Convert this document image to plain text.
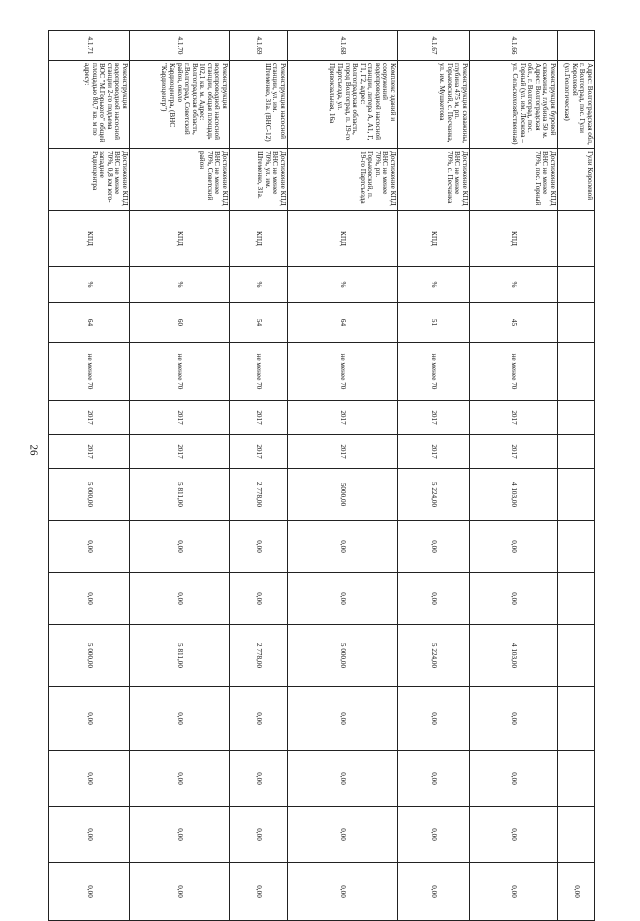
26
	Адрес: Волгоградская обл, г. Волгоград, пос. Гули Королевой (ул.Геологическая)	Гули Королевой														0,00
4.1.66	Реконструкция буровой скважины, глубина 50 м. Адрес: Волгоградская обл., г. Волгоград, пос. Горный (ул. им. Лескова – ул. Сельскохозяйственная)	Достижение КПД ВНС не менее 70%, пос. Горный	КПД	%	45	не менее 70	2017	2017	4 103,00	0,00	0,00	4 103,00	0,00	0,00	0,00	0,00
4.1.67	Реконструкция скважины, глубина 475 м, рп. Горьковский, с. Песчанка, ул. им. Мушкетова	Достижение КПД ВНС не менее 70%, с. Песчанка	КПД	%	51	не менее 70	2017	2017	5 224,00	0,00	0,00	5 224,00	0,00	0,00	0,00	0,00
4.1.68	Комплекс зданий и сооружений водопроводной насосной станции, литера А, А1, Г, Г1, Г2, адрес: Волгоградская область, город Волгоград, п. 19-го Партсъезда, ул. Привокзальная, 16а	Достижение КПД ВНС не менее 70%, рп. Горьковский, п. 19-го Партсъезда	КПД	%	64	не менее 70	2017	2017	5000,00	0,00	0,00	5 000,00	0,00	0,00	0,00	0,00
4.1.69	Реконструкция насосной станции, ул. им. Штеменко, 31а. (ВНС-12)	Достижение КПД ВНС не менее 70%, ул. им. Штеменко, 31а.	КПД	%	54	не менее 70	2017	2017	2 778,00	0,00	0,00	2 778,00	0,00	0,00	0,00	0,00
4.1.70	Реконструкция водопроводной насосной станции, общая площадь 102,1 кв. м. Адрес: Волгоградская область, г.Волгоград, Советский район, около Кардиоцентра, (ВНС "Кардиоцентр")	Достижение КПД ВНС не менее 70%, Советский район	КПД	%	60	не менее 70	2017	2017	5 811,00	0,00	0,00	5 811,00	0,00	0,00	0,00	0,00
4.1.71	Реконструкция водопроводной насосной станции 2-го подъема ВОС "М.Горького" общей площадью 80,7 кв. м по адресу:	Достижение КПД ВНС не менее 70%, 0,8 км юго-западнее Радиоцентра	КПД	%	64	не менее 70	2017	2017	5 000,00	0,00	0,00	5 000,00	0,00	0,00	0,00	0,00
